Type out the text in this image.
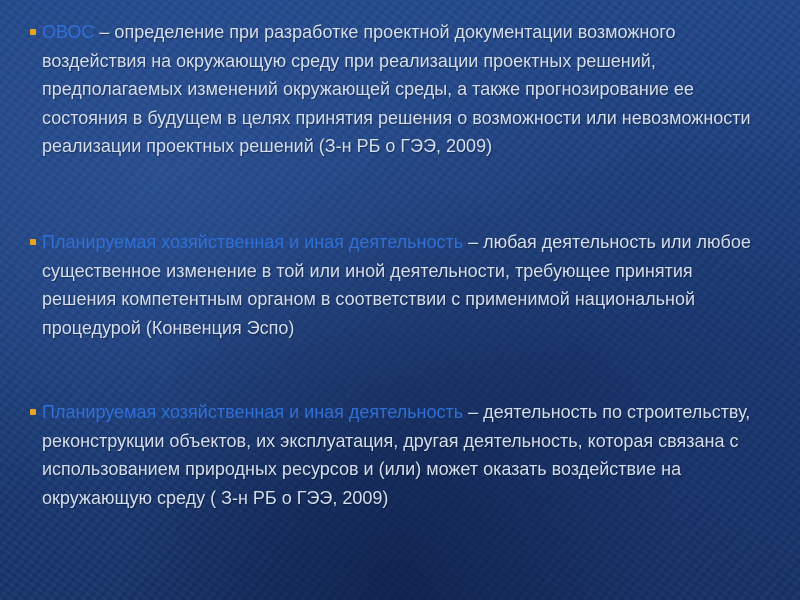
ОВОС – определение при разработке проектной документации возможного воздействия на окружающую среду при реализации проектных решений, предполагаемых изменений окружающей среды, а также прогнозирование ее состояния в будущем в целях принятия решения о возможности или невозможности реализации проектных решений (З-н РБ о ГЭЭ, 2009)
Планируемая хозяйственная и иная деятельность – любая деятельность или любое существенное изменение в той или иной деятельности, требующее принятия решения компетентным органом в соответствии с применимой национальной процедурой (Конвенция Эспо)
Планируемая хозяйственная и иная деятельность – деятельность по строительству, реконструкции объектов, их эксплуатация, другая деятельность, которая связана с использованием природных ресурсов и (или) может оказать воздействие на окружающую среду ( З-н РБ о ГЭЭ, 2009)
